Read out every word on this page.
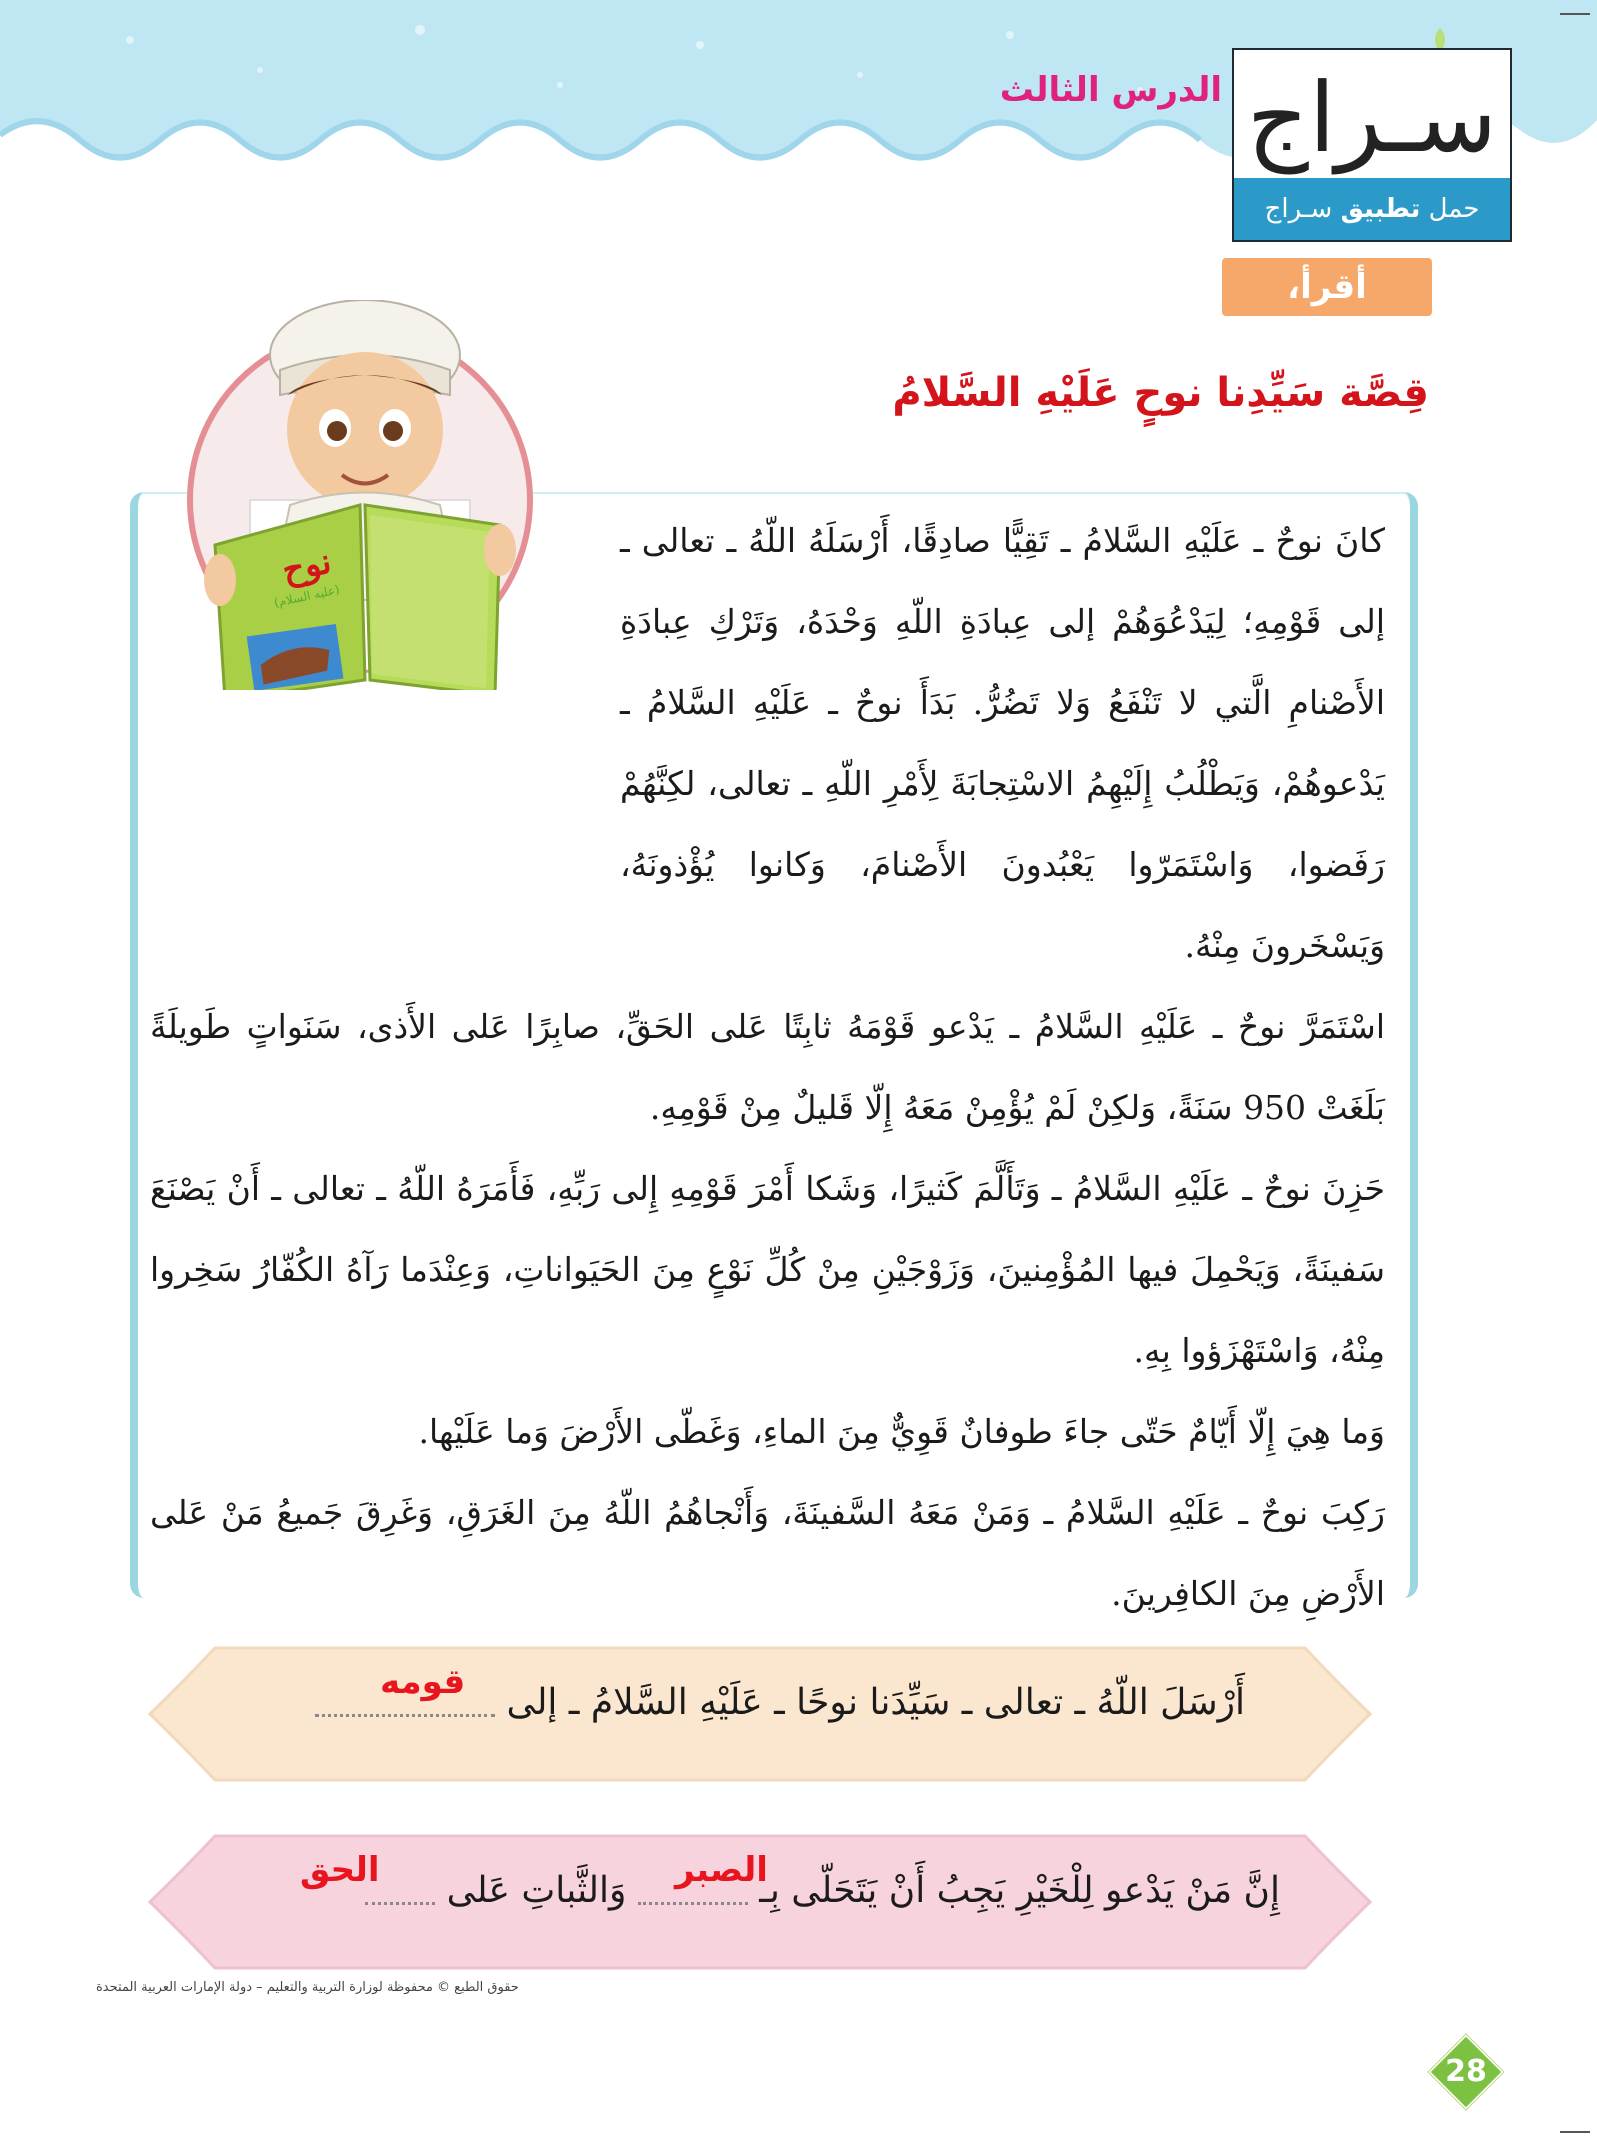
الدرس الثالث سـراج
حمل تطبيق سـراج
أقرأ، وأستنتج
قِصَّة سَيِّدِنا نوحٍ عَلَيْهِ السَّلامُ
نوح
(عليه السلام)

كانَ نوحٌ ـ عَلَيْهِ السَّلامُ ـ تَقِيًّا صادِقًا، أَرْسَلَهُ اللّهُ ـ تعالى ـ إلى قَوْمِهِ؛ لِيَدْعُوَهُمْ إلى عِبادَةِ اللّهِ وَحْدَهُ، وَتَرْكِ عِبادَةِ الأَصْنامِ الَّتي لا تَنْفَعُ وَلا تَضُرُّ. بَدَأَ نوحٌ ـ عَلَيْهِ السَّلامُ ـ يَدْعوهُمْ، وَيَطْلُبُ إِلَيْهِمُ الاسْتِجابَةَ لِأَمْرِ اللّهِ ـ تعالى، لكِنَّهُمْ رَفَضوا، وَاسْتَمَرّوا يَعْبُدونَ الأَصْنامَ، وَكانوا يُؤْذونَهُ، وَيَسْخَرونَ مِنْهُ.

اسْتَمَرَّ نوحٌ ـ عَلَيْهِ السَّلامُ ـ يَدْعو قَوْمَهُ ثابِتًا عَلى الحَقِّ، صابِرًا عَلى الأَذى، سَنَواتٍ طَويلَةً بَلَغَتْ 950 سَنَةً، وَلكِنْ لَمْ يُؤْمِنْ مَعَهُ إِلّا قَليلٌ مِنْ قَوْمِهِ.

حَزِنَ نوحٌ ـ عَلَيْهِ السَّلامُ ـ وَتَأَلَّمَ كَثيرًا، وَشَكا أَمْرَ قَوْمِهِ إِلى رَبِّهِ، فَأَمَرَهُ اللّهُ ـ تعالى ـ أَنْ يَصْنَعَ سَفينَةً، وَيَحْمِلَ فيها المُؤْمِنينَ، وَزَوْجَيْنِ مِنْ كُلِّ نَوْعٍ مِنَ الحَيَواناتِ، وَعِنْدَما رَآهُ الكُفّارُ سَخِروا مِنْهُ، وَاسْتَهْزَؤوا بِهِ.

وَما هِيَ إِلّا أَيّامٌ حَتّى جاءَ طوفانٌ قَوِيٌّ مِنَ الماءِ، وَغَطّى الأَرْضَ وَما عَلَيْها.

رَكِبَ نوحٌ ـ عَلَيْهِ السَّلامُ ـ وَمَنْ مَعَهُ السَّفينَةَ، وَأَنْجاهُمُ اللّهُ مِنَ الغَرَقِ، وَغَرِقَ جَميعُ مَنْ عَلى الأَرْضِ مِنَ الكافِرينَ.

أَرْسَلَ اللّهُ ـ تعالى ـ سَيِّدَنا نوحًا ـ عَلَيْهِ السَّلامُ ـ إلى
قومه
إِنَّ مَنْ يَدْعو لِلْخَيْرِ يَجِبُ أَنْ يَتَحَلّى بِـ  وَالثَّباتِ عَلى	الصبر
الحق
حقوق الطبع © محفوظة لوزارة التربية والتعليم – دولة الإمارات العربية المتحدة
28
